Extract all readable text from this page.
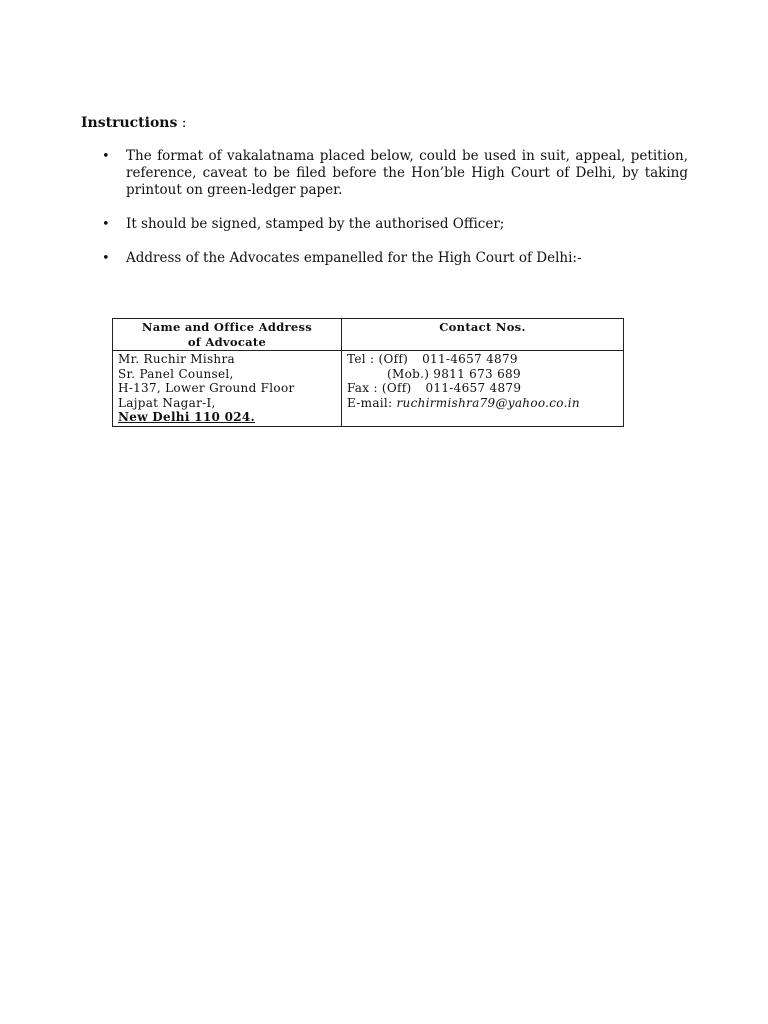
Instructions :
• The format of vakalatnama placed below, could be used in suit, appeal, petition, reference, caveat to be filed before the Hon’ble High Court of Delhi, by taking printout on green-ledger paper.
• It should be signed, stamped by the authorised Officer;
• Address of the Advocates empanelled for the High Court of Delhi:-
Name and Office Address
of Advocate	Contact Nos.

Mr. Ruchir Mishra
Sr. Panel Counsel,
H-137, Lower Ground Floor
Lajpat Nagar-I,
New Delhi 110 024.	Tel : (Off) 011-4657 4879
(Mob.) 9811 673 689
Fax : (Off) 011-4657 4879
E-mail: ruchirmishra79@yahoo.co.in
